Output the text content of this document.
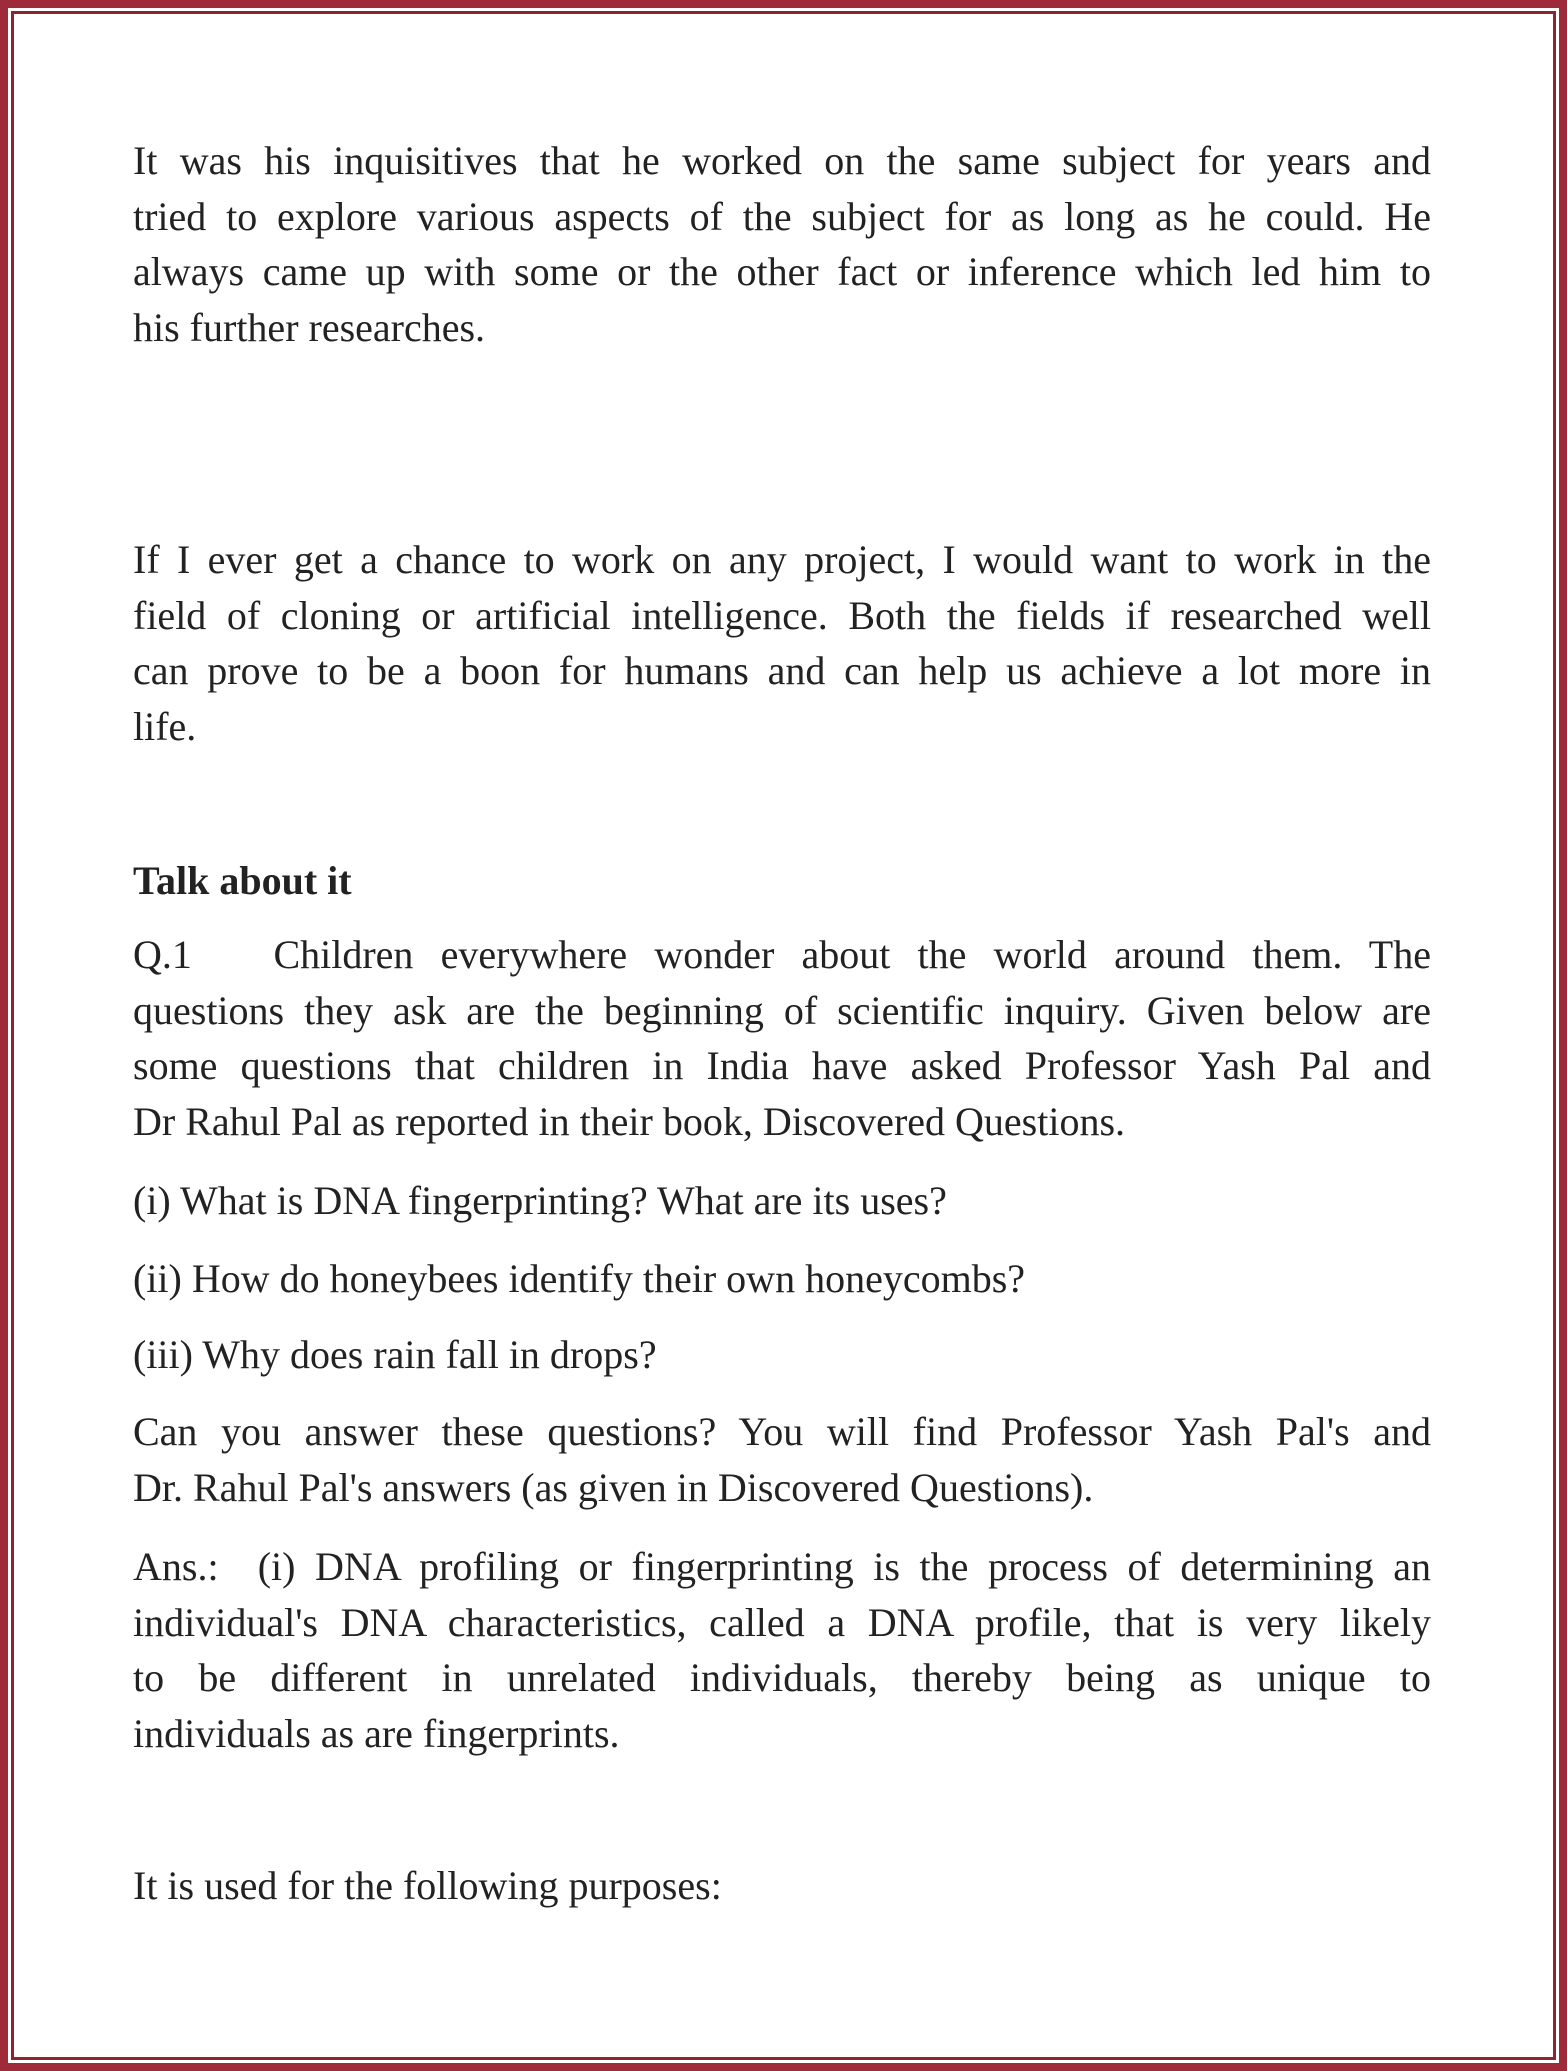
It was his inquisitives that he worked on the same subject for years and
tried to explore various aspects of the subject for as long as he could. He
always came up with some or the other fact or inference which led him to
his further researches.
If I ever get a chance to work on any project, I would want to work in the
field of cloning or artificial intelligence. Both the fields if researched well
can prove to be a boon for humans and can help us achieve a lot more in
life.
Talk about it
Q.1   Children everywhere wonder about the world around them. The
questions they ask are the beginning of scientific inquiry. Given below are
some questions that children in India have asked Professor Yash Pal and
Dr Rahul Pal as reported in their book, Discovered Questions.
(i) What is DNA fingerprinting? What are its uses?
(ii) How do honeybees identify their own honeycombs?
(iii) Why does rain fall in drops?
Can you answer these questions? You will find Professor Yash Pal's and
Dr. Rahul Pal's answers (as given in Discovered Questions).
Ans.:  (i) DNA profiling or fingerprinting is the process of determining an
individual's DNA characteristics, called a DNA profile, that is very likely
to be different in unrelated individuals, thereby being as unique to
individuals as are fingerprints.
It is used for the following purposes:
